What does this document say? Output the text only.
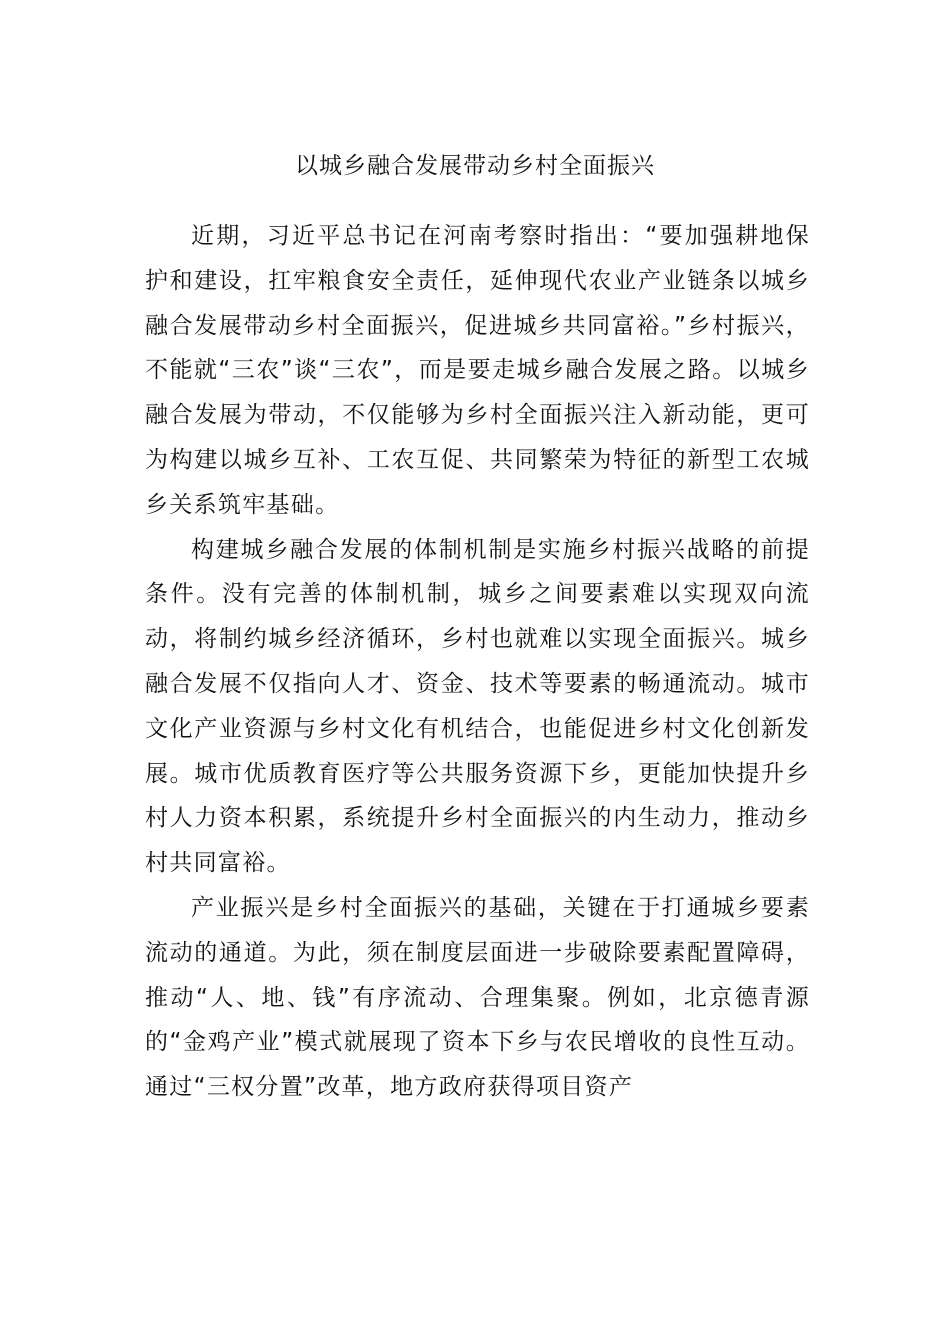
以城乡融合发展带动乡村全面振兴

近期，习近平总书记在河南考察时指出：“要加强耕地保护和建设，扛牢粮食安全责任，延伸现代农业产业链条以城乡融合发展带动乡村全面振兴，促进城乡共同富裕。”乡村振兴，不能就“三农”谈“三农”，而是要走城乡融合发展之路。以城乡融合发展为带动，不仅能够为乡村全面振兴注入新动能，更可为构建以城乡互补、工农互促、共同繁荣为特征的新型工农城乡关系筑牢基础。

构建城乡融合发展的体制机制是实施乡村振兴战略的前提条件。没有完善的体制机制，城乡之间要素难以实现双向流动，将制约城乡经济循环，乡村也就难以实现全面振兴。城乡融合发展不仅指向人才、资金、技术等要素的畅通流动。城市文化产业资源与乡村文化有机结合，也能促进乡村文化创新发展。城市优质教育医疗等公共服务资源下乡，更能加快提升乡村人力资本积累，系统提升乡村全面振兴的内生动力，推动乡村共同富裕。

产业振兴是乡村全面振兴的基础，关键在于打通城乡要素流动的通道。为此，须在制度层面进一步破除要素配置障碍，推动“人、地、钱”有序流动、合理集聚。例如，北京德青源的“金鸡产业”模式就展现了资本下乡与农民增收的良性互动。通过“三权分置”改革，地方政府获得项目资产
